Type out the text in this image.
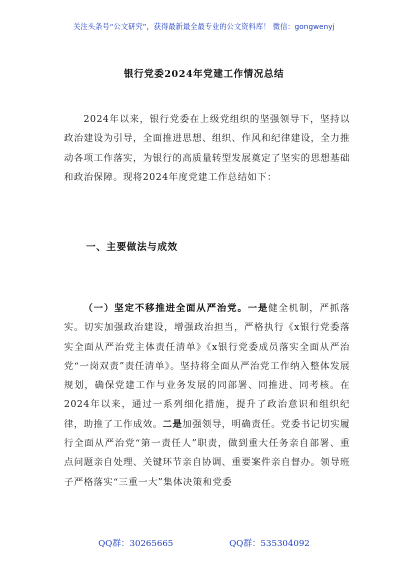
关注头条号“公文研究”，获得最新最全最专业的公文资料库！ 微信：gongwenyj
银行党委2024年党建工作情况总结
2024年以来，银行党委在上级党组织的坚强领导下，坚持以政治建设为引导，全面推进思想、组织、作风和纪律建设，全力推动各项工作落实，为银行的高质量转型发展奠定了坚实的思想基础和政治保障。现将2024年度党建工作总结如下：
一、主要做法与成效
（一）坚定不移推进全面从严治党。一是健全机制，严抓落实。切实加强政治建设，增强政治担当，严格执行《x银行党委落实全面从严治党主体责任清单》《x银行党委成员落实全面从严治党“一岗双责”责任清单》。坚持将全面从严治党工作纳入整体发展规划，确保党建工作与业务发展的同部署、同推进、同考核。在2024年以来，通过一系列细化措施，提升了政治意识和组织纪律，助推了工作成效。二是加强领导，明确责任。党委书记切实履行全面从严治党“第一责任人”职责，做到重大任务亲自部署、重点问题亲自处理、关键环节亲自协调、重要案件亲自督办。领导班子严格落实“三重一大”集体决策和党委
QQ群：30265665	QQ群：535304092
